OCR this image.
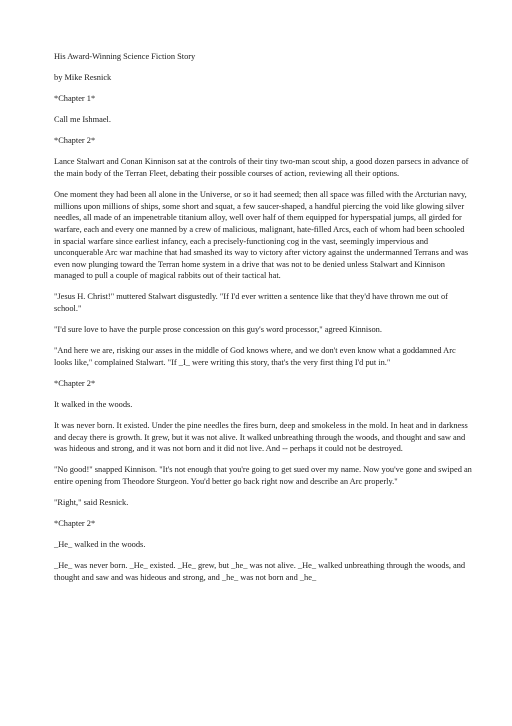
His Award-Winning Science Fiction Story

by Mike Resnick

*Chapter 1*

Call me Ishmael.

*Chapter 2*

Lance Stalwart and Conan Kinnison sat at the controls of their tiny two-man scout ship, a good dozen parsecs in advance of the main body of the Terran Fleet, debating their possible courses of action, reviewing all their options.

One moment they had been all alone in the Universe, or so it had seemed; then all space was filled with the Arcturian navy, millions upon millions of ships, some short and squat, a few saucer-shaped, a handful piercing the void like glowing silver needles, all made of an impenetrable titanium alloy, well over half of them equipped for hyperspatial jumps, all girded for warfare, each and every one manned by a crew of malicious, malignant, hate-filled Arcs, each of whom had been schooled in spacial warfare since earliest infancy, each a precisely-functioning cog in the vast, seemingly impervious and unconquerable Arc war machine that had smashed its way to victory after victory against the undermanned Terrans and was even now plunging toward the Terran home system in a drive that was not to be denied unless Stalwart and Kinnison managed to pull a couple of magical rabbits out of their tactical hat.

"Jesus H. Christ!" muttered Stalwart disgustedly. "If I'd ever written a sentence like that they'd have thrown me out of school."

"I'd sure love to have the purple prose concession on this guy's word processor," agreed Kinnison.

"And here we are, risking our asses in the middle of God knows where, and we don't even know what a goddamned Arc looks like," complained Stalwart. "If _I_ were writing this story, that's the very first thing I'd put in."

*Chapter 2*

It walked in the woods.

It was never born. It existed. Under the pine needles the fires burn, deep and smokeless in the mold. In heat and in darkness and decay there is growth. It grew, but it was not alive. It walked unbreathing through the woods, and thought and saw and was hideous and strong, and it was not born and it did not live. And -- perhaps it could not be destroyed.

"No good!" snapped Kinnison. "It's not enough that you're going to get sued over my name. Now you've gone and swiped an entire opening from Theodore Sturgeon. You'd better go back right now and describe an Arc properly."

"Right," said Resnick.

*Chapter 2*

_He_ walked in the woods.

_He_ was never born. _He_ existed. _He_ grew, but _he_ was not alive. _He_ walked unbreathing through the woods, and thought and saw and was hideous and strong, and _he_ was not born and _he_
